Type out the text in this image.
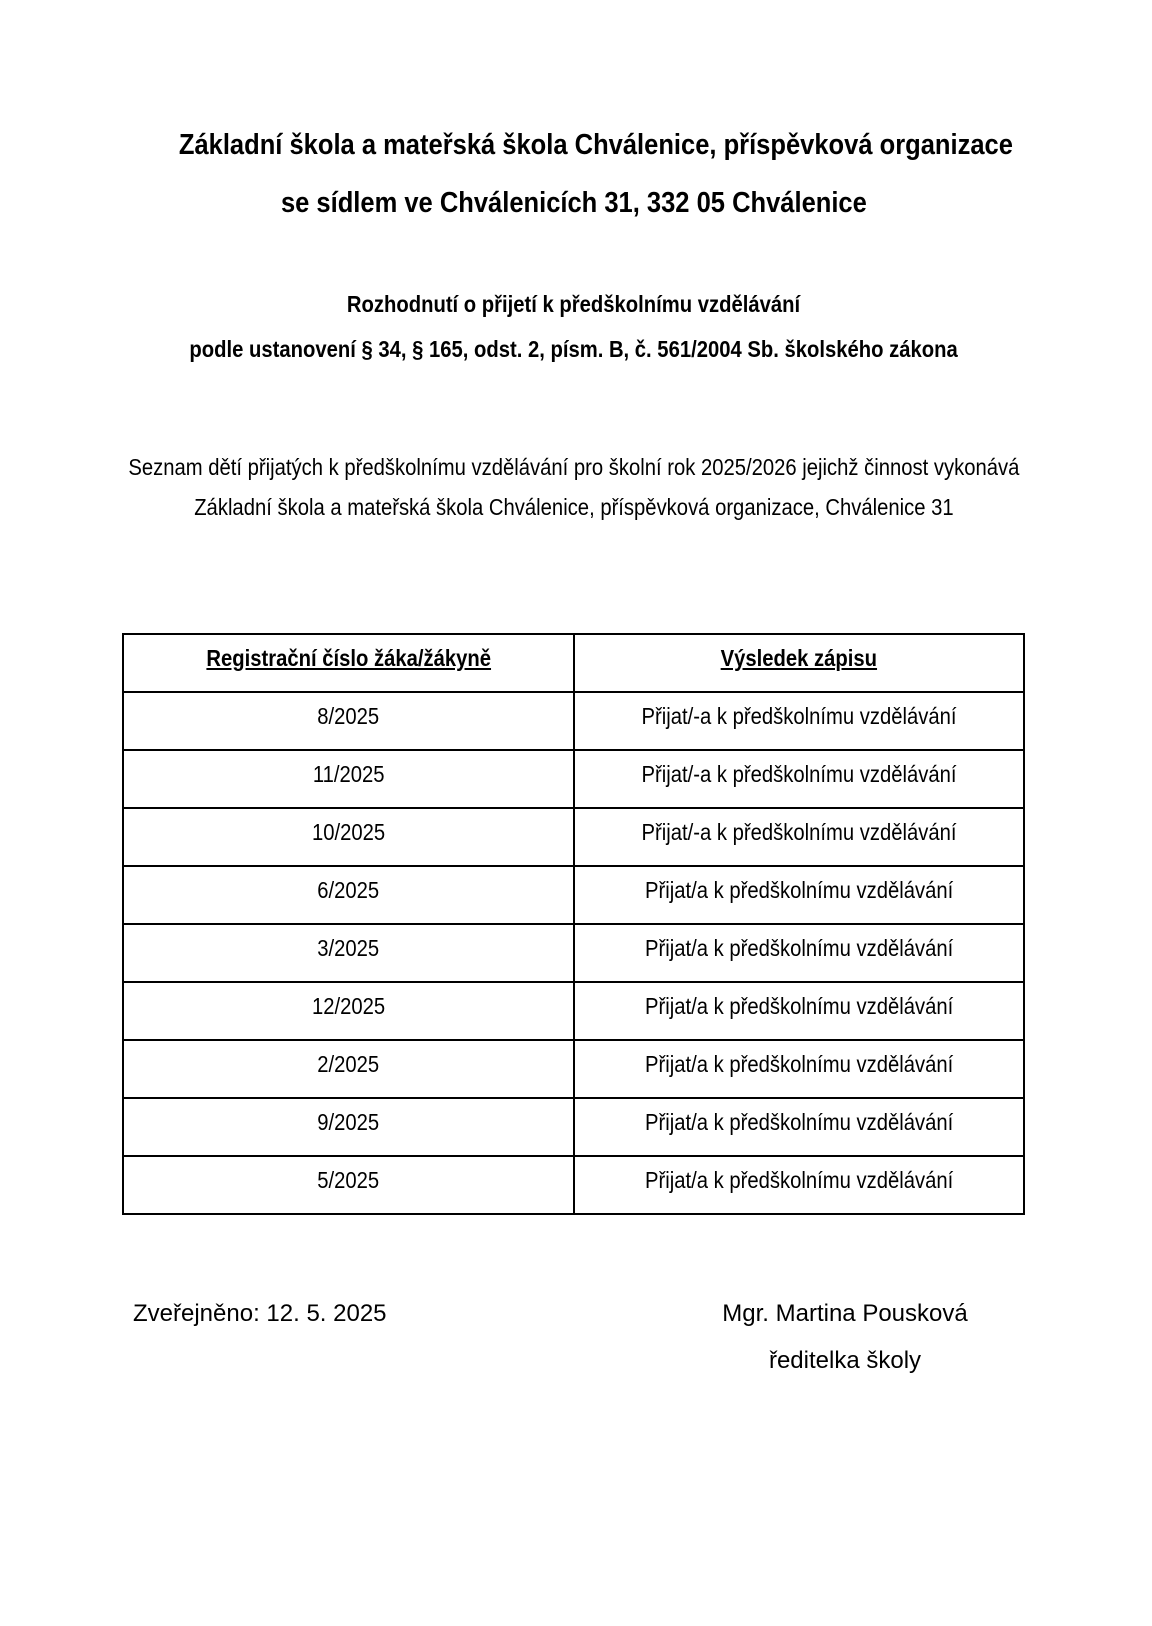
Základní škola a mateřská škola Chválenice, příspěvková organizace
se sídlem ve Chválenicích 31, 332 05 Chválenice
Rozhodnutí o přijetí k předškolnímu vzdělávání
podle ustanovení § 34, § 165, odst. 2, písm. B, č. 561/2004 Sb. školského zákona
Seznam dětí přijatých k předškolnímu vzdělávání pro školní rok 2025/2026 jejichž činnost vykonává Základní škola a mateřská škola Chválenice, příspěvková organizace, Chválenice 31
Registrační číslo žáka/žákyně	Výsledek zápisu
8/2025	Přijat/-a k předškolnímu vzdělávání
11/2025	Přijat/-a k předškolnímu vzdělávání
10/2025	Přijat/-a k předškolnímu vzdělávání
6/2025	Přijat/a k předškolnímu vzdělávání
3/2025	Přijat/a k předškolnímu vzdělávání
12/2025	Přijat/a k předškolnímu vzdělávání
2/2025	Přijat/a k předškolnímu vzdělávání
9/2025	Přijat/a k předškolnímu vzdělávání
5/2025	Přijat/a k předškolnímu vzdělávání
Zveřejněno: 12. 5. 2025	Mgr. Martina Pousková
ředitelka školy
